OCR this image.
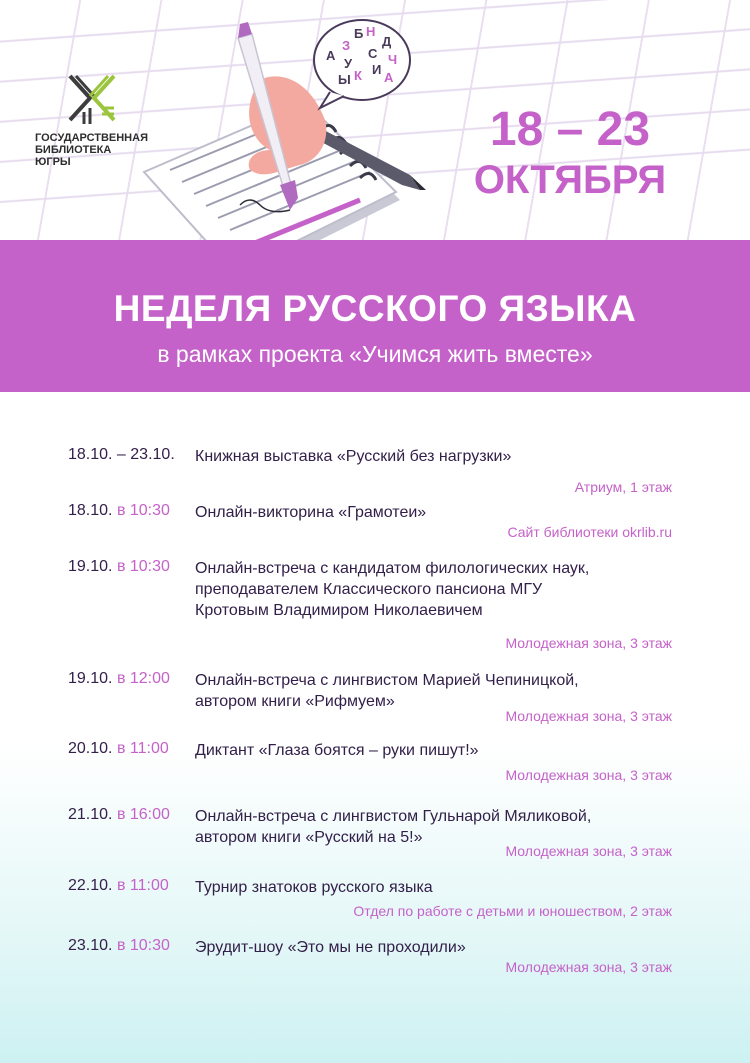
ГОСУДАРСТВЕННАЯ
БИБЛИОТЕКА
ЮГРЫ
А
З
Б
У
К А
Н
Д
С
И
Ч
Ы
18 – 23
ОКТЯБРЯ
НЕДЕЛЯ РУССКОГО ЯЗЫКА
в рамках проекта «Учимся жить вместе»
18.10. – 23.10. Книжная выставка «Русский без нагрузки»
Атриум, 1 этаж
18.10. в 10:30 Онлайн-викторина «Грамотеи»
Сайт библиотеки okrlib.ru
19.10. в 10:30 Онлайн-встреча с кандидатом филологических наук,
преподавателем Классического пансиона МГУ
Кротовым Владимиром Николаевичем
Молодежная зона, 3 этаж
19.10. в 12:00 Онлайн-встреча с лингвистом Марией Чепиницкой,
автором книги «Рифмуем»
Молодежная зона, 3 этаж
20.10. в 11:00 Диктант «Глаза боятся – руки пишут!»
Молодежная зона, 3 этаж
21.10. в 16:00 Онлайн-встреча с лингвистом Гульнарой Мяликовой,
автором книги «Русский на 5!»
Молодежная зона, 3 этаж
22.10. в 11:00 Турнир знатоков русского языка
Отдел по работе с детьми и юношеством, 2 этаж
23.10. в 10:30 Эрудит-шоу «Это мы не проходили»
Молодежная зона, 3 этаж
